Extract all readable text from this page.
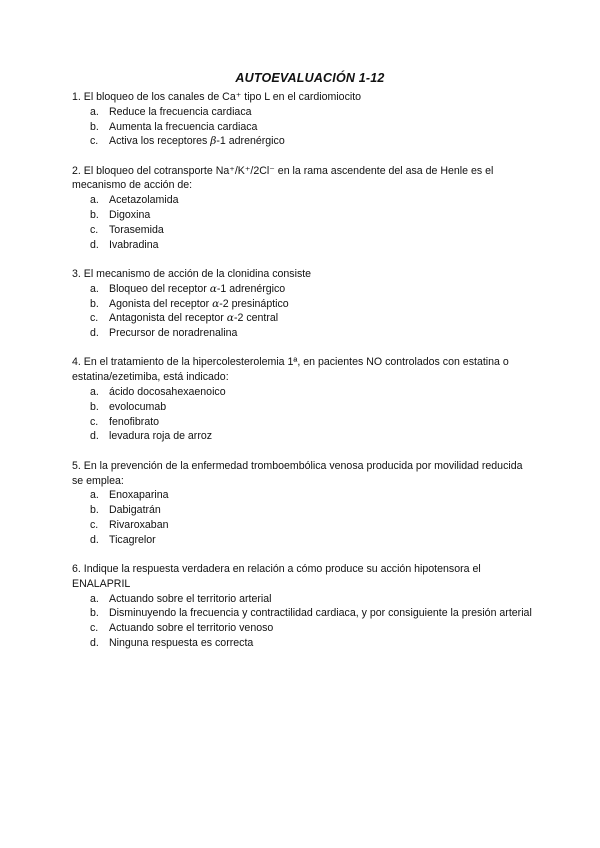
AUTOEVALUACIÓN 1-12

1. El bloqueo de los canales de Ca⁺ tipo L en el cardiomiocito

a. Reduce la frecuencia cardiaca
b. Aumenta la frecuencia cardiaca
c. Activa los receptores β-1 adrenérgico

2. El bloqueo del cotransporte Na⁺/K⁺/2Cl⁻ en la rama ascendente del asa de Henle es el mecanismo de acción de:

a. Acetazolamida
b. Digoxina
c. Torasemida
d. Ivabradina

3. El mecanismo de acción de la clonidina consiste

a. Bloqueo del receptor α-1 adrenérgico
b. Agonista del receptor α-2 presináptico
c. Antagonista del receptor α-2 central
d. Precursor de noradrenalina

4. En el tratamiento de la hipercolesterolemia 1ª, en pacientes NO controlados con estatina o estatina/ezetimiba, está indicado:

a. ácido docosahexaenoico
b. evolocumab
c. fenofibrato
d. levadura roja de arroz

5. En la prevención de la enfermedad tromboembólica venosa producida por movilidad reducida se emplea:

a. Enoxaparina
b. Dabigatrán
c. Rivaroxaban
d. Ticagrelor

6. Indique la respuesta verdadera en relación a cómo produce su acción hipotensora el ENALAPRIL

a. Actuando sobre el territorio arterial
b. Disminuyendo la frecuencia y contractilidad cardiaca, y por consiguiente la presión arterial
c. Actuando sobre el territorio venoso
d. Ninguna respuesta es correcta
